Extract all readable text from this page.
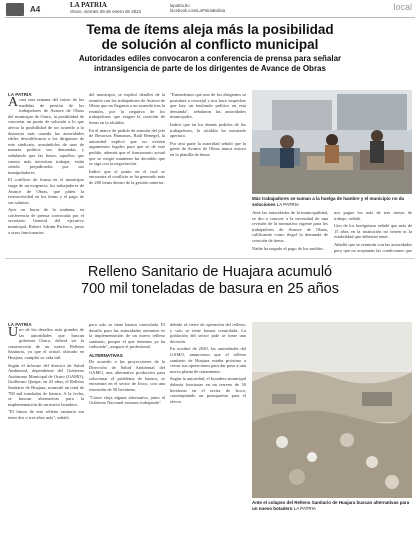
A4	LA PATRIA
Oruro, viernes 29 de enero de 2021
lapatria.bo
facebook.com/LaPatriaBolivia	local
Tema de ítems aleja más la posibilidad
de solución al conflicto municipal
Autoridades ediles convocaron a conferencia de prensa para señalar
intransigencia de parte de los dirigentes de Avance de Obras
LA PATRIA

Acasi una semana del inicio de las medidas de presión de los trabajadores de Avance de Obras del municipio de Oruro, la posibilidad de concretar un punto de solución a lo que afecta la posibilidad de un acuerdo a la distancia más cuando las autoridades ediles descalificaron a los dirigentes de este sindicato, acusándolos de usar de manera política sus demandas y señalando que las bases, aquellos que cuenta más necesitan trabajar, están siendo perjudicados por sus manipuladores.

El conflicto de forma en el municipio surge de un exigencia, los trabajadores de Avance de Obras, que piden la retroactividad en los ítems y el pago de sus salarios.

Ayer en horas de la mañana, en conferencia de prensa convocada por el secretario General del ejecutivo municipal, Robert Adrián Pacheco, junto a otros funcionarios

del municipio, se explicó detalles de la reunión con los trabajadores de Avance de Obras que no llegaron a un acuerdo tras la reunión, por la negativa de los trabajadores que exigen la creación de ítems en la alcaldía.

En el marco de pedido de reunión del jefe de Recursos Humanos, Raúl Benegel, la autoridad explicó que no existen argumentos legales para que se dé este pedido, además que el funcionario actual que se exigió mantener ha decidido que se siga con la negociación.

Indicó que al punto en el cual se encuentra el conflicto se ha generado más de 200 ítems dentro de la gestión anterior.

"Entendemos que uno de los dirigentes se postulará a concejal y nos hace sospechar que hay un trasfondo político en esta demanda", señalaron las autoridades municipales.

Indicó que en los demás pedidos de los trabajadores, la alcaldía ha mostrado apertura.

Por otra parte la autoridad señaló que la gente de Avance de Obras nunca estuvo en la planilla de ítems.

Más trabajadores se suman a la huelga de hambre y el municipio no da soluciones LA PATRIA

Ante las autoridades de la municipalidad, se dio a conocer a la necesidad de una revisión de la normativa vigente para los trabajadores de Avance de Obras, calificando como ilegal la demanda de creación de ítems.

Nadie ha negado el pago de los sueldos.

nos pague los más de tres meses de trabajo, señaló.

Uno de los huelguistas señaló que más de 15 años en la institución no tienen ni la estabilidad que deberían tener.

Añadió que se reunirán con las autoridades pero que no aceptarán las condiciones que

Relleno Sanitario de Huajara acumuló
700 mil toneladas de basura en 25 años
LA PATRIA

Uno de los desafíos más grandes de las autoridades que buscan gobernar Oruro, deberá ser la construcción de un nuevo Relleno Sanitario, ya que el actual, ubicado en Huajara, cumplió su vida útil.

Según el informe del director de Salud Ambiental, dependiente del Gobierno Autónomo Municipal de Oruro (GAMO), Guillermo Quispe, en 25 años, el Relleno Sanitario de Huajara, acumuló un total de 700 mil toneladas de basura. A la fecha, se buscan alternativas para la implementación de un nuevo botadero.

"El futuro de este relleno sanitario era tener dos o tres años más", señaló.

pero solo se tiene basura controlada. El desafío para las autoridades entrantes es la implementación de un nuevo relleno sanitario, porque el que tenemos ya ha caducado", aseguró el profesional.

ALTERNATIVAS

De acuerdo a las proyecciones de la Dirección de Salud Ambiental del GAMO, una alternativa productiva para solucionar el problema de basura, se encuentra en el sector de Iroco, con una extensión de 50 hectáreas.

"Como vieja alguna alternativa, junto al Gobierno Nacional estamos trabajando".

debido al cierre de operación del relleno, y solo se tiene basura controlada. La población del sector pide se tome una decisión.

En octubre de 2020, las autoridades del GAMO, anunciaron que el relleno sanitario de Huajara estaba próximo a cerrar sus operaciones para dar paso a una nueva planta de tratamiento.

Según la autoridad, el botadero municipal debería funcionar en un terreno de 50 hectáreas en el sector de Iroco, contemplando un presupuesto para el efecto.

Ante el colapso del Relleno Sanitario de Huajara buscan alternativas para un nuevo botadero LA PATRIA
